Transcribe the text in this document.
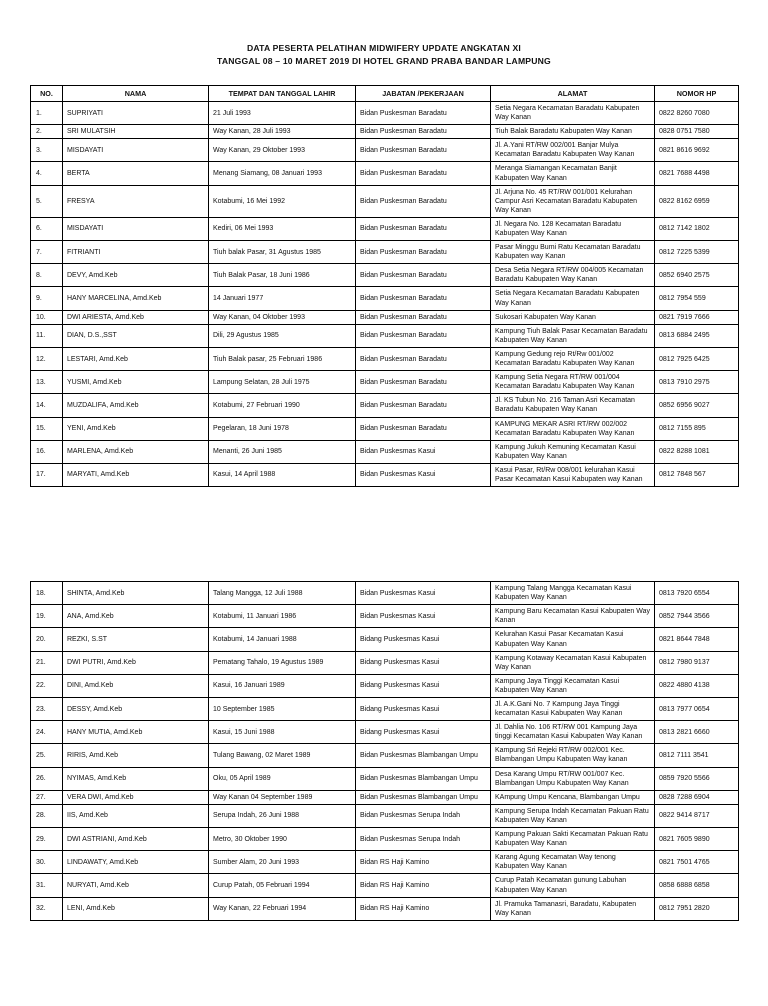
DATA PESERTA PELATIHAN MIDWIFERY UPDATE ANGKATAN XI
TANGGAL 08 – 10 MARET 2019 DI HOTEL GRAND PRABA BANDAR LAMPUNG
NO.	NAMA	TEMPAT DAN TANGGAL LAHIR	JABATAN /PEKERJAAN	ALAMAT	NOMOR HP
1.	SUPRIYATI	21 Juli 1993	Bidan Puskesman Baradatu	Setia Negara Kecamatan Baradatu Kabupaten Way Kanan	0822 8260 7080
2.	SRI MULATSIH	Way Kanan, 28 Juli 1993	Bidan Puskesman Baradatu	Tiuh Balak Baradatu Kabupaten Way Kanan	0828 0751 7580
3.	MISDAYATI	Way Kanan, 29 Oktober 1993	Bidan Puskesman Baradatu	Jl. A.Yani RT/RW 002/001 Banjar Mulya Kecamatan Baradatu Kabupaten Way Kanan	0821 8616 9692
4.	BERTA	Menang Siamang, 08 Januari 1993	Bidan Puskesman Baradatu	Meranga Siamangan Kecamatan Banjit Kabupaten Way Kanan	0821 7688 4498
5.	FRESYA	Kotabumi, 16 Mei 1992	Bidan Puskesman Baradatu	Jl. Arjuna No. 45 RT/RW 001/001 Kelurahan Campur Asri Kecamatan Baradatu Kabupaten Way Kanan	0822 8162 6959
6.	MISDAYATI	Kediri, 06 Mei 1993	Bidan Puskesman Baradatu	Jl. Negara No. 128 Kecamatan Baradatu Kabupaten Way Kanan	0812 7142 1802
7.	FITRIANTI	Tiuh balak Pasar, 31 Agustus 1985	Bidan Puskesman Baradatu	Pasar Minggu Bumi Ratu Kecamatan Baradatu Kabupaten way Kanan	0812 7225 5399
8.	DEVY, Amd.Keb	Tiuh Balak Pasar, 18 Juni 1986	Bidan Puskesman Baradatu	Desa Setia Negara RT/RW 004/005 Kecamatan Baradatu Kabupaten Way Kanan	0852 6940 2575
9.	HANY MARCELINA, Amd.Keb	14 Januari 1977	Bidan Puskesman Baradatu	Setia Negara Kecamatan Baradatu Kabupaten Way Kanan	0812 7954 559
10.	DWI ARIESTA, Amd.Keb	Way Kanan, 04 Oktober 1993	Bidan Puskesman Baradatu	Sukosari Kabupaten Way Kanan	0821 7919 7666
11.	DIAN, D.S.,SST	Dili, 29 Agustus 1985	Bidan Puskesman Baradatu	Kampung Tiuh Balak Pasar Kecamatan Baradatu Kabupaten Way Kanan	0813 6884 2495
12.	LESTARI, Amd.Keb	Tiuh Balak pasar, 25 Februari 1986	Bidan Puskesman Baradatu	Kampung Gedung rejo Rt/Rw 001/002 Kecamatan Baradatu Kabupaten Way Kanan	0812 7925 6425
13.	YUSMI, Amd.Keb	Lampung Selatan, 28 Juli 1975	Bidan Puskesman Baradatu	Kampung Setia Negara RT/RW 001/004 Kecamatan Baradatu Kabupaten Way Kanan	0813 7910 2975
14.	MUZDALIFA, Amd.Keb	Kotabumi, 27 Februari 1990	Bidan Puskesman Baradatu	Jl. KS Tubun No. 216 Taman Asri Kecamatan Baradatu Kabupaten Way Kanan	0852 6956 9027
15.	YENI, Amd.Keb	Pegelaran, 18 Juni 1978	Bidan Puskesman Baradatu	KAMPUNG MEKAR ASRI RT/RW 002/002 Kecamatan Baradatu Kabupaten Way Kanan	0812 7155 895
16.	MARLENA, Amd.Keb	Menanti, 26 Juni 1985	Bidan Puskesmas Kasui	Kampung Jukuh Kemuning Kecamatan Kasui Kabupaten Way Kanan	0822 8288 1081
17.	MARYATI, Amd.Keb	Kasui, 14 April 1988	Bidan Puskesmas Kasui	Kasui Pasar, Rt/Rw 008/001 kelurahan Kasui Pasar Kecamatan Kasui Kabupaten way Kanan	0812 7848 567
18.	SHINTA, Amd.Keb	Talang Mangga, 12 Juli 1988	Bidan Puskesmas Kasui	Kampung Talang Mangga Kecamatan Kasui Kabupaten Way Kanan	0813 7920 6554
19.	ANA, Amd.Keb	Kotabumi, 11 Januari 1986	Bidan Puskesmas Kasui	Kampung Baru Kecamatan Kasui Kabupaten Way Kanan	0852 7944 3566
20.	REZKI, S.ST	Kotabumi, 14 Januari 1988	Bidang Puskesmas Kasui	Kelurahan Kasui Pasar Kecamatan Kasui Kabupaten Way Kanan	0821 8644 7848
21.	DWI PUTRI, Amd.Keb	Pematang Tahalo, 19 Agustus 1989	Bidang Puskesmas Kasui	Kampung Kotaway Kecamatan Kasui Kabupaten Way Kanan	0812 7980 9137
22.	DINI, Amd.Keb	Kasui, 16 Januari 1989	Bidang Puskesmas Kasui	Kampung Jaya Tinggi Kecamatan Kasui Kabupaten Way Kanan	0822 4880 4138
23.	DESSY, Amd.Keb	10 September 1985	Bidang Puskesmas Kasui	Jl. A.K.Gani No. 7 Kampung Jaya Tinggi kecamatan Kasui Kabupaten Way Kanan	0813 7977 0654
24.	HANY MUTIA, Amd.Keb	Kasui, 15 Juni 1988	Bidang Puskesmas Kasui	Jl. Dahlia No. 106 RT/RW 001 Kampung Jaya tinggi Kecamatan Kasui Kabupaten Way Kanan	0813 2821 6660
25.	RIRIS, Amd.Keb	Tulang Bawang, 02 Maret 1989	Bidan Puskesmas Blambangan Umpu	Kampung Sri Rejeki RT/RW 002/001 Kec. Blambangan Umpu Kabupaten Way kanan	0812 7111 3541
26.	NYIMAS, Amd.Keb	Oku, 05 April 1989	Bidan Puskesmas Blambangan Umpu	Desa Karang Umpu RT/RW 001/007 Kec. Blambangan Umpu Kabupaten Way Kanan	0859 7920 5566
27.	VERA DWI, Amd.Keb	Way Kanan 04 September 1989	Bidan Puskesmas Blambangan Umpu	KAmpung Umpu Kencana, Blambangan Umpu	0828 7288 6904
28.	IIS, Amd.Keb	Serupa Indah, 26 Juni 1988	Bidan Puskesmas Serupa Indah	Kampung Serupa Indah Kecamatan Pakuan Ratu Kabupaten Way Kanan	0822 9414 8717
29.	DWI ASTRIANI, Amd.Keb	Metro, 30 Oktober 1990	Bidan Puskesmas Serupa Indah	Kampung Pakuan Sakti Kecamatan Pakuan Ratu Kabupaten Way Kanan	0821 7605 9890
30.	LINDAWATY, Amd.Keb	Sumber Alam, 20 Juni 1993	Bidan RS Haji Kamino	Karang Agung Kecamatan Way tenong Kabupaten Way Kanan	0821 7501 4765
31.	NURYATI, Amd.Keb	Curup Patah, 05 Februari 1994	Bidan RS Haji Kamino	Curup Patah Kecamatan gunung Labuhan Kabupaten Way Kanan	0858 6888 6858
32.	LENI, Amd.Keb	Way Kanan, 22 Februari 1994	Bidan RS Haji Kamino	Jl. Pramuka Tamanasri, Baradatu, Kabupaten Way Kanan	0812 7951 2820
